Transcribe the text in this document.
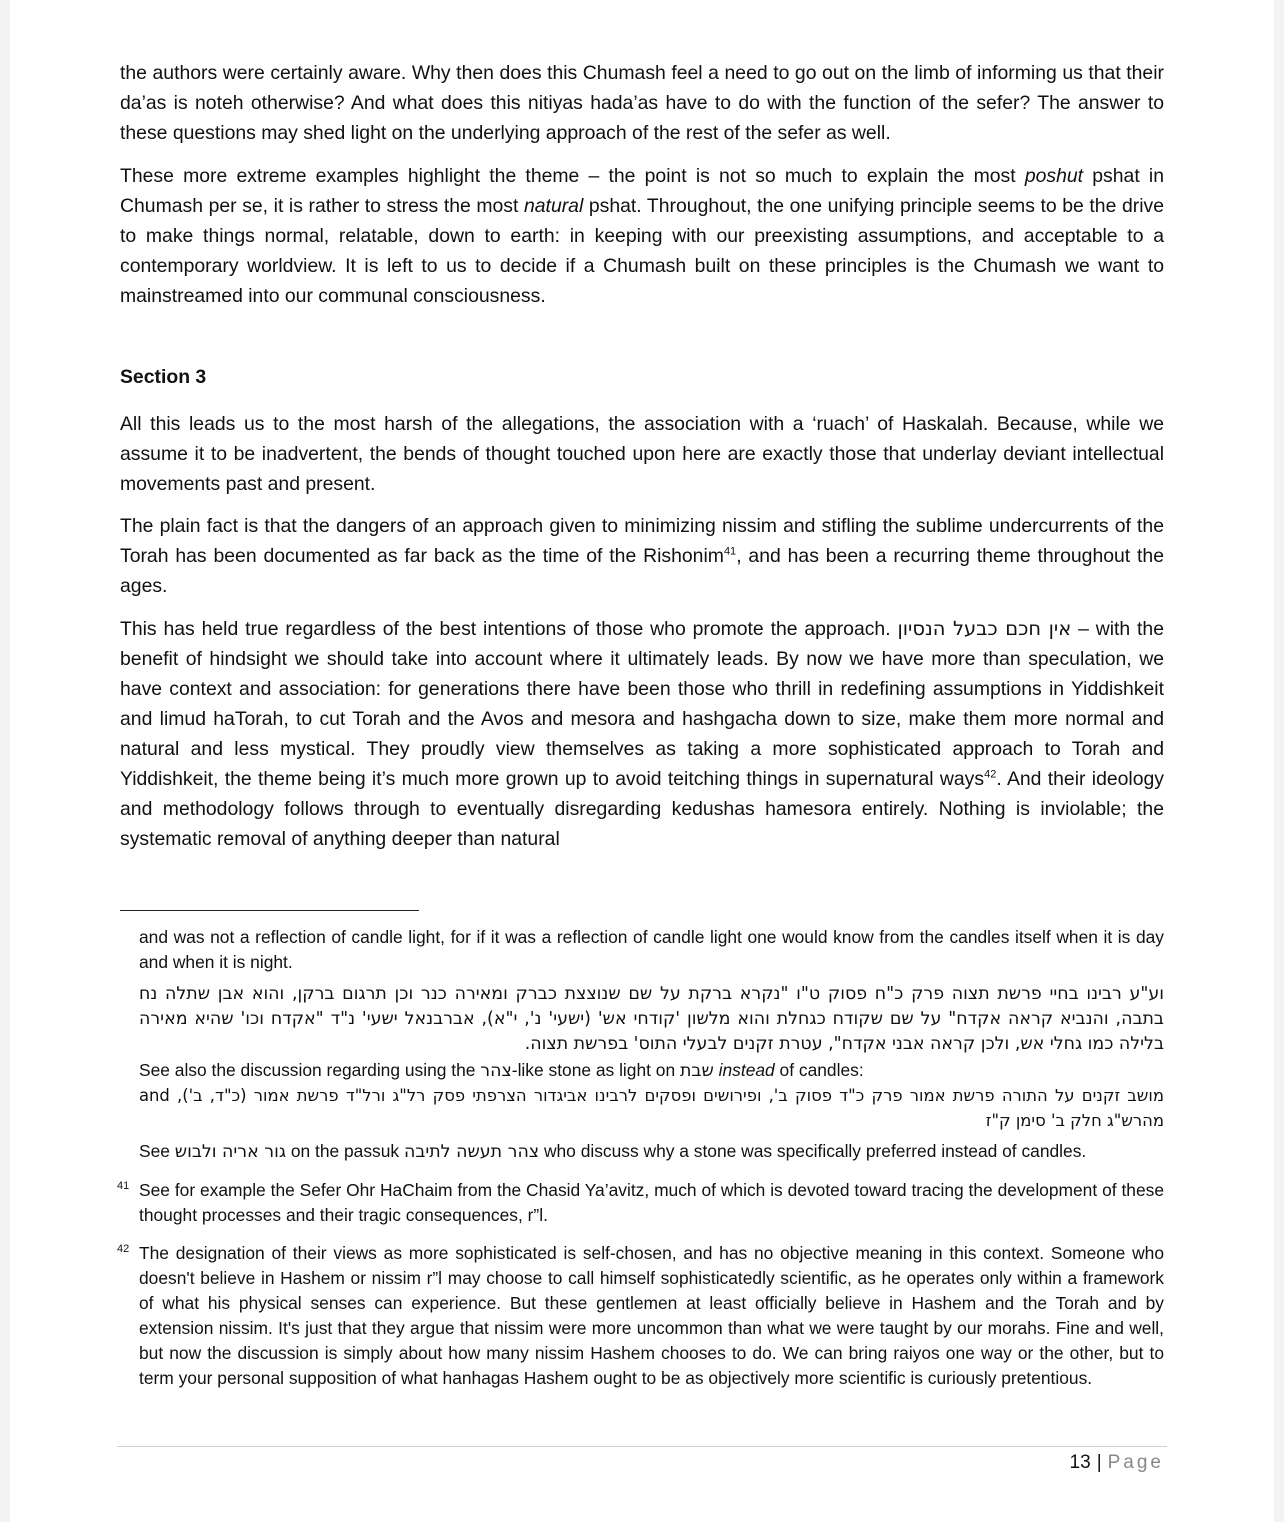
the authors were certainly aware. Why then does this Chumash feel a need to go out on the limb of informing us that their da’as is noteh otherwise? And what does this nitiyas hada’as have to do with the function of the sefer? The answer to these questions may shed light on the underlying approach of the rest of the sefer as well.

These more extreme examples highlight the theme – the point is not so much to explain the most poshut pshat in Chumash per se, it is rather to stress the most natural pshat. Throughout, the one unifying principle seems to be the drive to make things normal, relatable, down to earth: in keeping with our preexisting assumptions, and acceptable to a contemporary worldview. It is left to us to decide if a Chumash built on these principles is the Chumash we want to mainstreamed into our communal consciousness.

Section 3

All this leads us to the most harsh of the allegations, the association with a ‘ruach’ of Haskalah. Because, while we assume it to be inadvertent, the bends of thought touched upon here are exactly those that underlay deviant intellectual movements past and present.

The plain fact is that the dangers of an approach given to minimizing nissim and stifling the sublime undercurrents of the Torah has been documented as far back as the time of the Rishonim$^{41}$, and has been a recurring theme throughout the ages.

This has held true regardless of the best intentions of those who promote the approach. אין חכם כבעל הנסיון – with the benefit of hindsight we should take into account where it ultimately leads. By now we have more than speculation, we have context and association: for generations there have been those who thrill in redefining assumptions in Yiddishkeit and limud haTorah, to cut Torah and the Avos and mesora and hashgacha down to size, make them more normal and natural and less mystical. They proudly view themselves as taking a more sophisticated approach to Torah and Yiddishkeit, the theme being it’s much more grown up to avoid teitching things in supernatural ways$^{42}$. And their ideology and methodology follows through to eventually disregarding kedushas hamesora entirely. Nothing is inviolable; the systematic removal of anything deeper than natural

and was not a reflection of candle light, for if it was a reflection of candle light one would know from the candles itself when it is day and when it is night.

וע"ע רבינו בחיי פרשת תצוה פרק כ"ח פסוק ט"ו "נקרא ברקת על שם שנוצצת כברק ומאירה כנר וכן תרגום ברקן, והוא אבן שתלה נח בתבה, והנביא קראה אקדח" על שם שקודח כגחלת והוא מלשון 'קודחי אש' (ישעי' נ', י"א), אברבנאל ישעי' נ"ד "אקדח וכו' שהיא מאירה בלילה כמו גחלי אש, ולכן קראה אבני אקדח", עטרת זקנים לבעלי התוס' בפרשת תצוה.

See also the discussion regarding using the צהר-like stone as light on שבת instead of candles:

מושב זקנים על התורה פרשת אמור פרק כ"ד פסוק ב', ופירושים ופסקים לרבינו אביגדור הצרפתי פסק רל"ג ורל"ד פרשת אמור (כ"ד, ב'), and מהרש"ג חלק ב' סימן ק"ז

See גור אריה ולבוש on the passuk צהר תעשה לתיבה who discuss why a stone was specifically preferred instead of candles.

41 See for example the Sefer Ohr HaChaim from the Chasid Ya’avitz, much of which is devoted toward tracing the development of these thought processes and their tragic consequences, r”l.

42 The designation of their views as more sophisticated is self-chosen, and has no objective meaning in this context. Someone who doesn't believe in Hashem or nissim r”l may choose to call himself sophisticatedly scientific, as he operates only within a framework of what his physical senses can experience. But these gentlemen at least officially believe in Hashem and the Torah and by extension nissim. It's just that they argue that nissim were more uncommon than what we were taught by our morahs. Fine and well, but now the discussion is simply about how many nissim Hashem chooses to do. We can bring raiyos one way or the other, but to term your personal supposition of what hanhagas Hashem ought to be as objectively more scientific is curiously pretentious.

13 | Page
